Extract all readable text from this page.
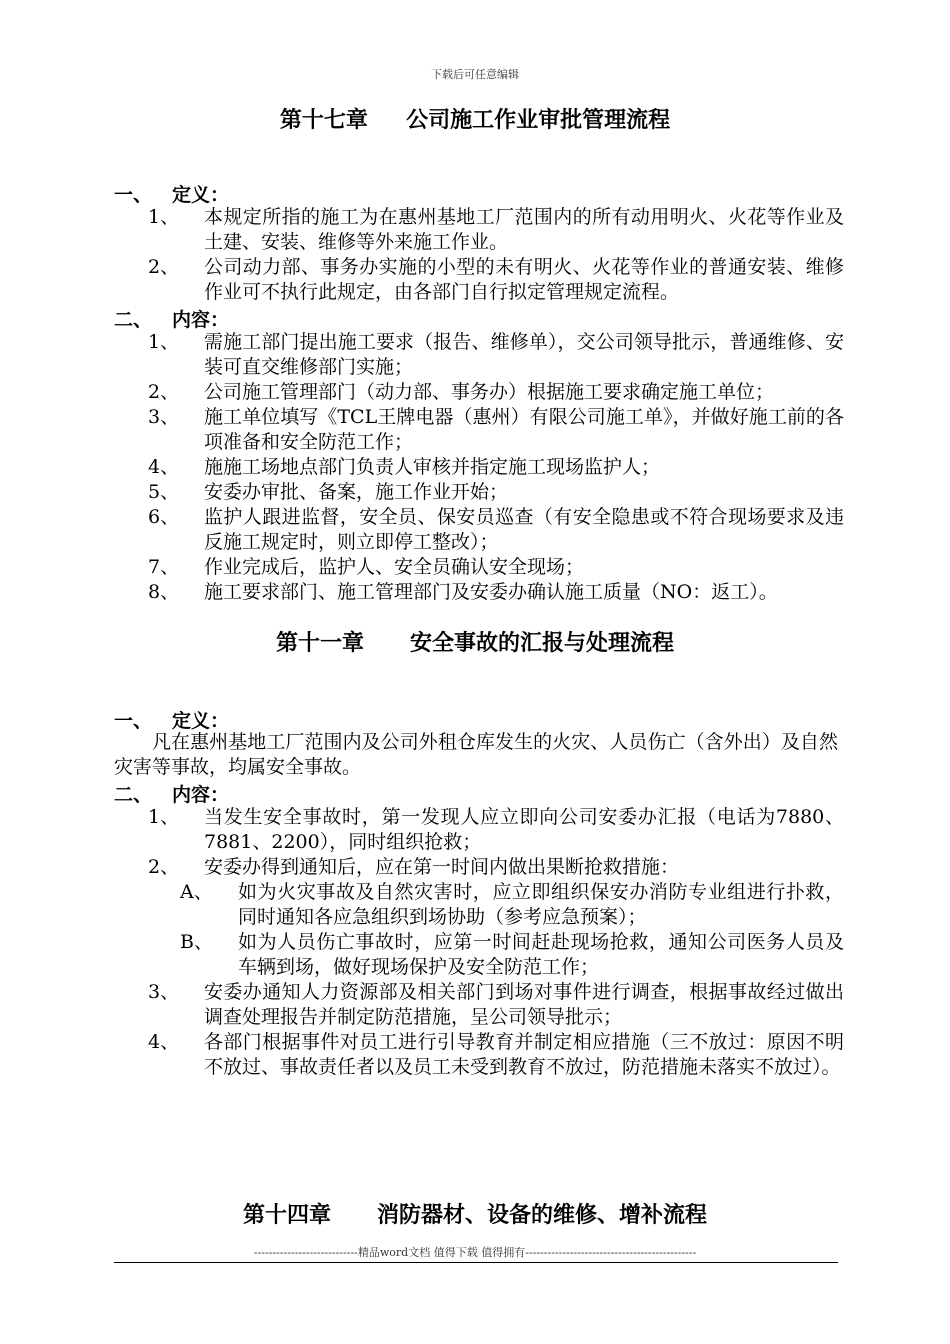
下载后可任意编辑
第十七章     公司施工作业审批管理流程
一、 定义：
1、 本规定所指的施工为在惠州基地工厂范围内的所有动用明火、火花等作业及土建、安装、维修等外来施工作业。
2、 公司动力部、事务办实施的小型的未有明火、火花等作业的普通安装、维修作业可不执行此规定，由各部门自行拟定管理规定流程。
二、 内容：
1、 需施工部门提出施工要求（报告、维修单），交公司领导批示，普通维修、安装可直交维修部门实施；
2、 公司施工管理部门（动力部、事务办）根据施工要求确定施工单位；
3、 施工单位填写《TCL王牌电器（惠州）有限公司施工单》，并做好施工前的各项准备和安全防范工作；
4、 施施工场地点部门负责人审核并指定施工现场监护人；
5、 安委办审批、备案，施工作业开始；
6、 监护人跟进监督，安全员、保安员巡查（有安全隐患或不符合现场要求及违反施工规定时，则立即停工整改）；
7、 作业完成后，监护人、安全员确认安全现场；
8、 施工要求部门、施工管理部门及安委办确认施工质量（NO：返工）。
第十一章      安全事故的汇报与处理流程
一、 定义：
凡在惠州基地工厂范围内及公司外租仓库发生的火灾、人员伤亡（含外出）及自然灾害等事故，均属安全事故。
二、 内容：
1、 当发生安全事故时，第一发现人应立即向公司安委办汇报（电话为7880、7881、2200），同时组织抢救；
2、 安委办得到通知后，应在第一时间内做出果断抢救措施：
A、 如为火灾事故及自然灾害时，应立即组织保安办消防专业组进行扑救，同时通知各应急组织到场协助（参考应急预案）；
B、 如为人员伤亡事故时，应第一时间赶赴现场抢救，通知公司医务人员及车辆到场，做好现场保护及安全防范工作；
3、 安委办通知人力资源部及相关部门到场对事件进行调查，根据事故经过做出调查处理报告并制定防范措施，呈公司领导批示；
4、 各部门根据事件对员工进行引导教育并制定相应措施（三不放过：原因不明不放过、事故责任者以及员工未受到教育不放过，防范措施未落实不放过）。
第十四章      消防器材、设备的维修、增补流程
----------------------------精品word文档 值得下载 值得拥有----------------------------------------------
